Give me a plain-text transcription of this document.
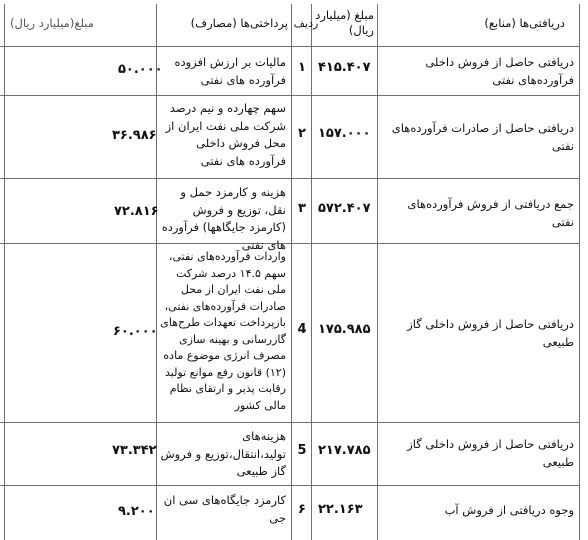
دریافتی‌ها (منابع)
مبلغ (میلیارد ریال)
ردیف
پرداختی‌ها (مصارف)
مبلغ(میلیارد ریال)
دریافتی حاصل از فروش داخلی فرآورده‌های نفتی
۴۱۵.۴۰۷
۱
مالیات بر ارزش افزوده فرآورده های نفتی
۵۰.۰۰۰
دریافتی حاصل از صادرات فرآورده‌های نفتی
۱۵۷.۰۰۰
۲
سهم چهارده و نیم درصد شرکت ملی نفت ایران از محل فروش داخلی فرآورده های نفتی
۳۶.۹۸۶
جمع دریافتی از فروش فرآورده‌های نفتی
۵۷۲.۴۰۷
۳
هزینه و کارمزد حمل و نقل، توزیع و فروش (کارمزد جایگاهها) فرآورده های نفتی
۷۲.۸۱۶
دریافتی حاصل از فروش داخلی گاز طبیعی
۱۷۵.۹۸۵
4
واردات فرآورده‌های نفتی، سهم ۱۴.۵ درصد شرکت ملی نفت ایران از محل صادرات فرآورده‌های نفتی، بازپرداخت تعهدات طرح‌های گازرسانی و بهینه سازی مصرف انرژی موضوع ماده (۱۲) قانون رفع موانع تولید رقابت پذیر و ارتقای نظام مالی کشور
۶۰.۰۰۰
دریافتی حاصل از فروش داخلی گاز طبیعی
۲۱۷.۷۸۵
5
هزینه‌های تولید،انتقال،توزیع و فروش گاز طبیعی
۷۳.۳۴۲
وجوه دریافتی از فروش آب
۲۲.۱۶۳
۶
کارمزد جایگاه‌های سی ان جی
۹.۲۰۰
